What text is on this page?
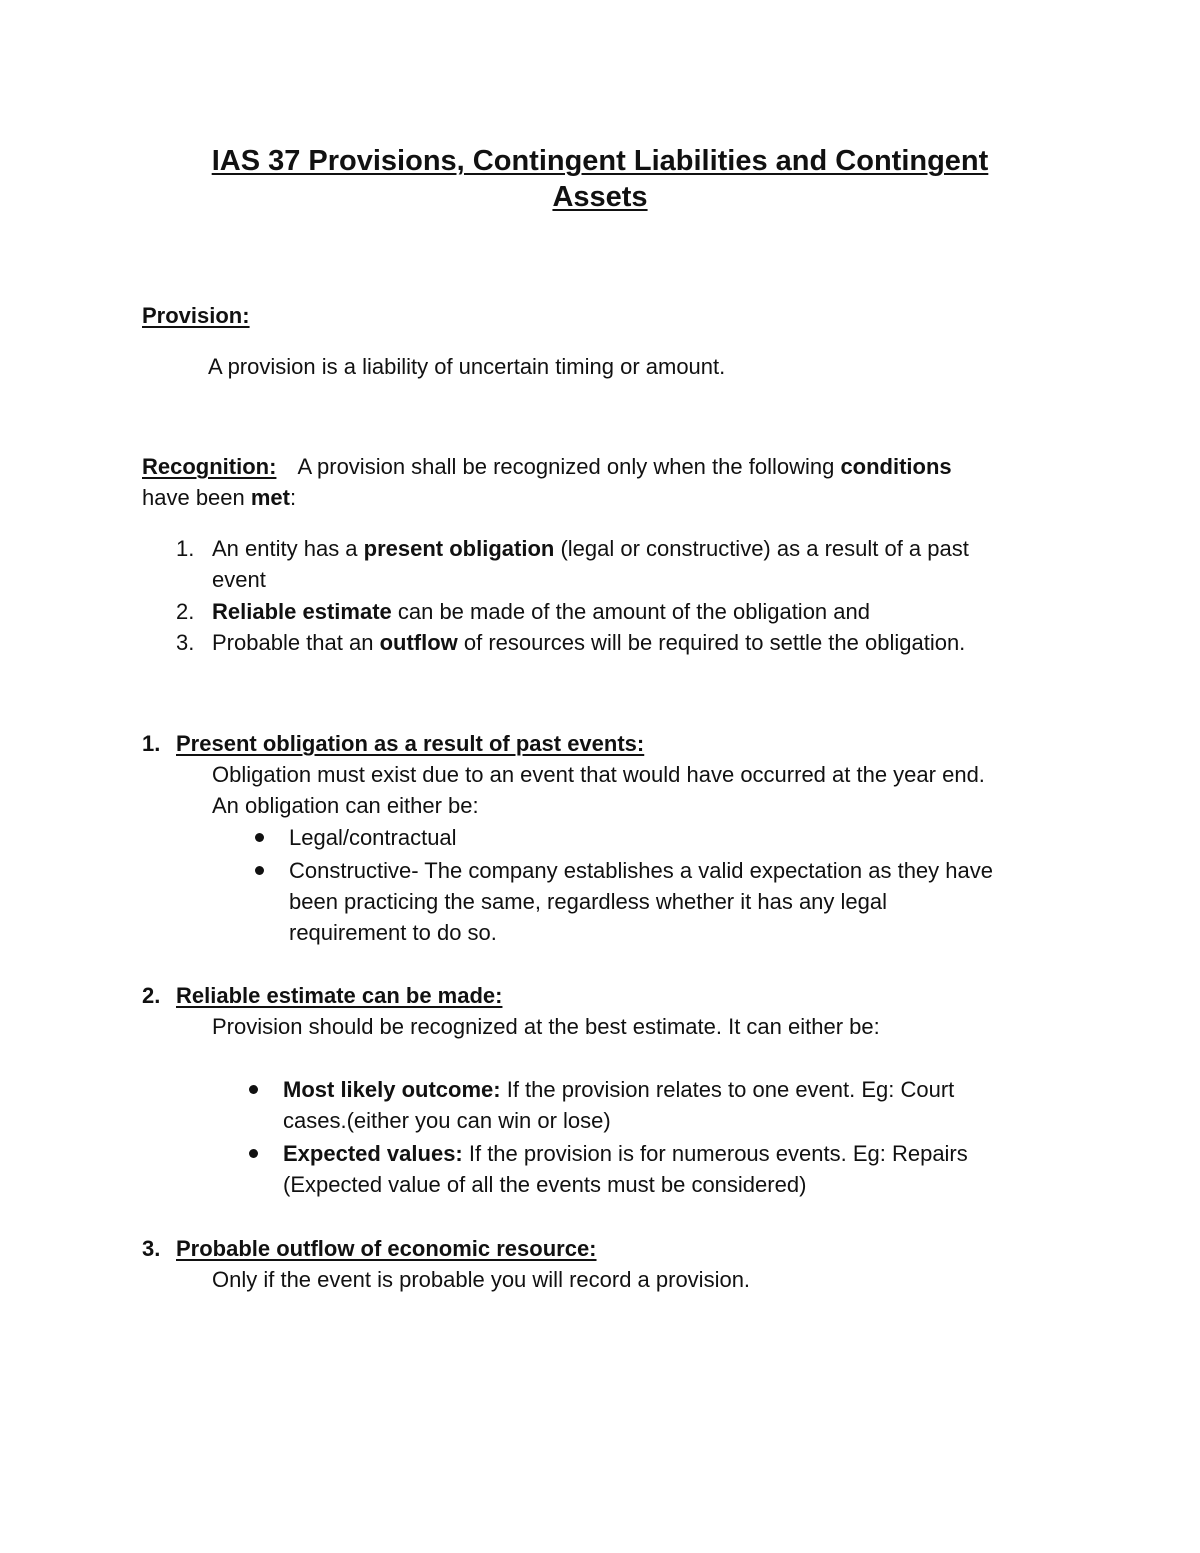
IAS 37 Provisions, Contingent Liabilities and Contingent
Assets
Provision:
A provision is a liability of uncertain timing or amount.
Recognition: A provision shall be recognized only when the following conditions
have been met:
1. An entity has a present obligation (legal or constructive) as a result of a past
event
2. Reliable estimate can be made of the amount of the obligation and
3. Probable that an outflow of resources will be required to settle the obligation.
1. Present obligation as a result of past events:
Obligation must exist due to an event that would have occurred at the year end.
An obligation can either be:
Legal/contractual
Constructive- The company establishes a valid expectation as they have
been practicing the same, regardless whether it has any legal
requirement to do so.
2. Reliable estimate can be made:
Provision should be recognized at the best estimate. It can either be:
Most likely outcome: If the provision relates to one event. Eg: Court
cases.(either you can win or lose)
Expected values: If the provision is for numerous events. Eg: Repairs
(Expected value of all the events must be considered)
3. Probable outflow of economic resource:
Only if the event is probable you will record a provision.
